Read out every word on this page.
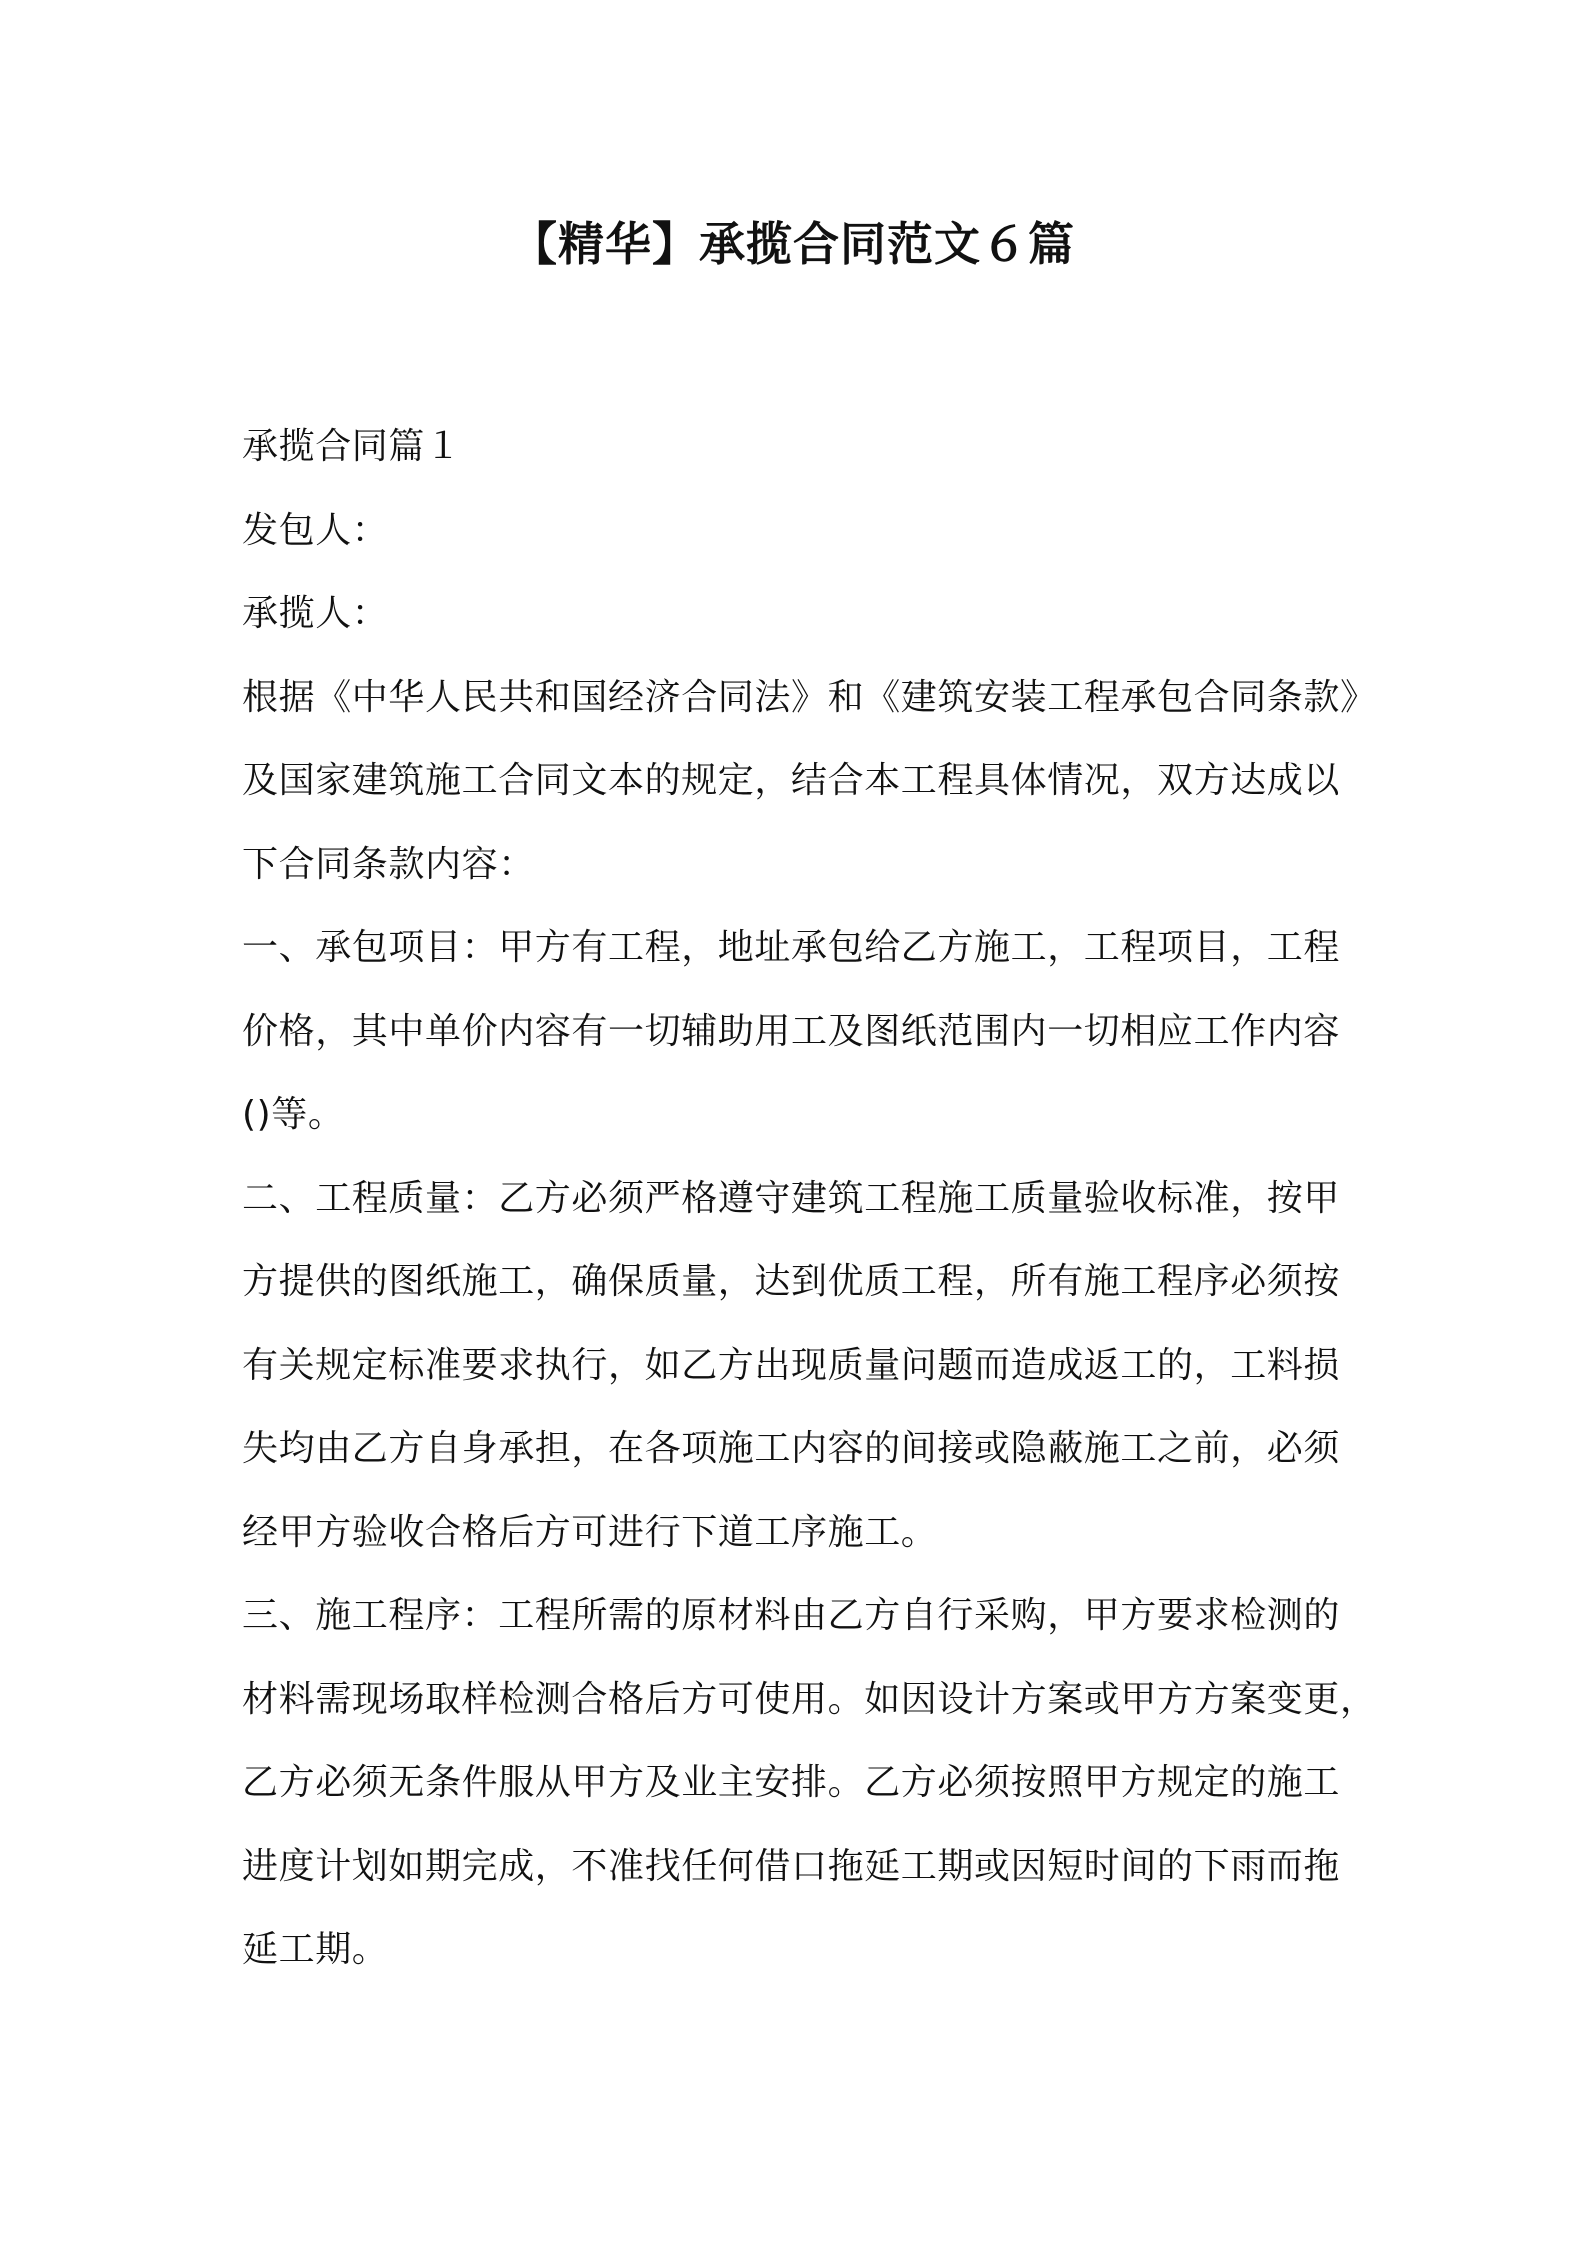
【精华】承揽合同范文６篇
承揽合同篇１
发包人：
承揽人：
根据《中华人民共和国经济合同法》和《建筑安装工程承包合同条款》
及国家建筑施工合同文本的规定，结合本工程具体情况，双方达成以
下合同条款内容：
一、承包项目：甲方有工程，地址承包给乙方施工，工程项目，工程
价格，其中单价内容有一切辅助用工及图纸范围内一切相应工作内容
()等。
二、工程质量：乙方必须严格遵守建筑工程施工质量验收标准，按甲
方提供的图纸施工，确保质量，达到优质工程，所有施工程序必须按
有关规定标准要求执行，如乙方出现质量问题而造成返工的，工料损
失均由乙方自身承担，在各项施工内容的间接或隐蔽施工之前，必须
经甲方验收合格后方可进行下道工序施工。
三、施工程序：工程所需的原材料由乙方自行采购，甲方要求检测的
材料需现场取样检测合格后方可使用。如因设计方案或甲方方案变更，
乙方必须无条件服从甲方及业主安排。乙方必须按照甲方规定的施工
进度计划如期完成，不准找任何借口拖延工期或因短时间的下雨而拖
延工期。
